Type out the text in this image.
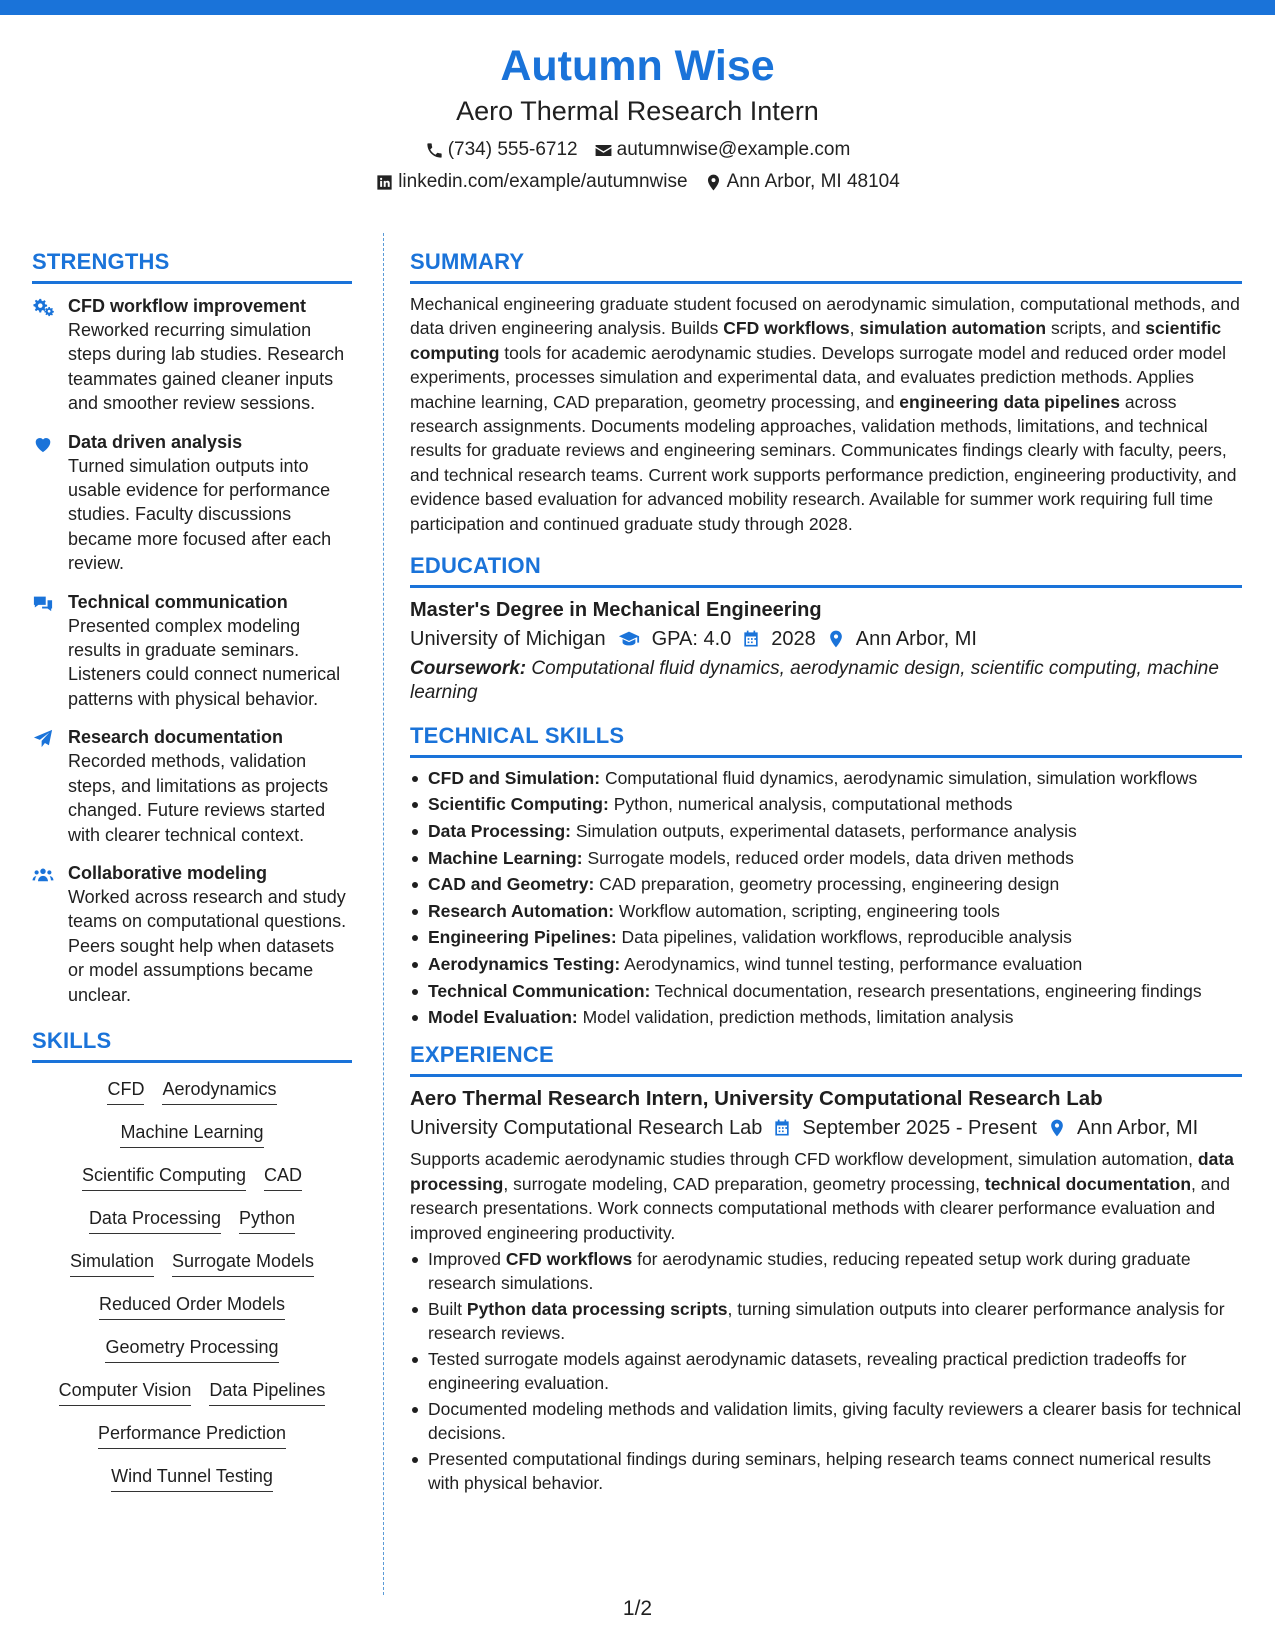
Autumn Wise
Aero Thermal Research Intern
(734) 555-6712 autumnwise@example.com
linkedin.com/example/autumnwise Ann Arbor, MI 48104
STRENGTHS
CFD workflow improvement
Reworked recurring simulation steps during lab studies. Research teammates gained cleaner inputs and smoother review sessions.
Data driven analysis
Turned simulation outputs into usable evidence for performance studies. Faculty discussions became more focused after each review.
Technical communication
Presented complex modeling results in graduate seminars. Listeners could connect numerical patterns with physical behavior.
Research documentation
Recorded methods, validation steps, and limitations as projects changed. Future reviews started with clearer technical context.
Collaborative modeling
Worked across research and study teams on computational questions. Peers sought help when datasets or model assumptions became unclear.
SKILLS
CFD Aerodynamics
Machine Learning
Scientific Computing CAD
Data Processing Python
Simulation Surrogate Models
Reduced Order Models
Geometry Processing
Computer Vision Data Pipelines
Performance Prediction
Wind Tunnel Testing
SUMMARY
Mechanical engineering graduate student focused on aerodynamic simulation, computational methods, and data driven engineering analysis. Builds CFD workflows, simulation automation scripts, and scientific computing tools for academic aerodynamic studies. Develops surrogate model and reduced order model experiments, processes simulation and experimental data, and evaluates prediction methods. Applies machine learning, CAD preparation, geometry processing, and engineering data pipelines across research assignments. Documents modeling approaches, validation methods, limitations, and technical results for graduate reviews and engineering seminars. Communicates findings clearly with faculty, peers, and technical research teams. Current work supports performance prediction, engineering productivity, and evidence based evaluation for advanced mobility research. Available for summer work requiring full time participation and continued graduate study through 2028.
EDUCATION
Master's Degree in Mechanical Engineering
University of Michigan GPA: 4.0 2028 Ann Arbor, MI
Coursework: Computational fluid dynamics, aerodynamic design, scientific computing, machine learning
TECHNICAL SKILLS
CFD and Simulation: Computational fluid dynamics, aerodynamic simulation, simulation workflows
Scientific Computing: Python, numerical analysis, computational methods
Data Processing: Simulation outputs, experimental datasets, performance analysis
Machine Learning: Surrogate models, reduced order models, data driven methods
CAD and Geometry: CAD preparation, geometry processing, engineering design
Research Automation: Workflow automation, scripting, engineering tools
Engineering Pipelines: Data pipelines, validation workflows, reproducible analysis
Aerodynamics Testing: Aerodynamics, wind tunnel testing, performance evaluation
Technical Communication: Technical documentation, research presentations, engineering findings
Model Evaluation: Model validation, prediction methods, limitation analysis
EXPERIENCE
Aero Thermal Research Intern, University Computational Research Lab
University Computational Research Lab September 2025 - Present Ann Arbor, MI
Supports academic aerodynamic studies through CFD workflow development, simulation automation, data processing, surrogate modeling, CAD preparation, geometry processing, technical documentation, and research presentations. Work connects computational methods with clearer performance evaluation and improved engineering productivity.
Improved CFD workflows for aerodynamic studies, reducing repeated setup work during graduate research simulations.
Built Python data processing scripts, turning simulation outputs into clearer performance analysis for research reviews.
Tested surrogate models against aerodynamic datasets, revealing practical prediction tradeoffs for engineering evaluation.
Documented modeling methods and validation limits, giving faculty reviewers a clearer basis for technical decisions.
Presented computational findings during seminars, helping research teams connect numerical results with physical behavior.
1/2
